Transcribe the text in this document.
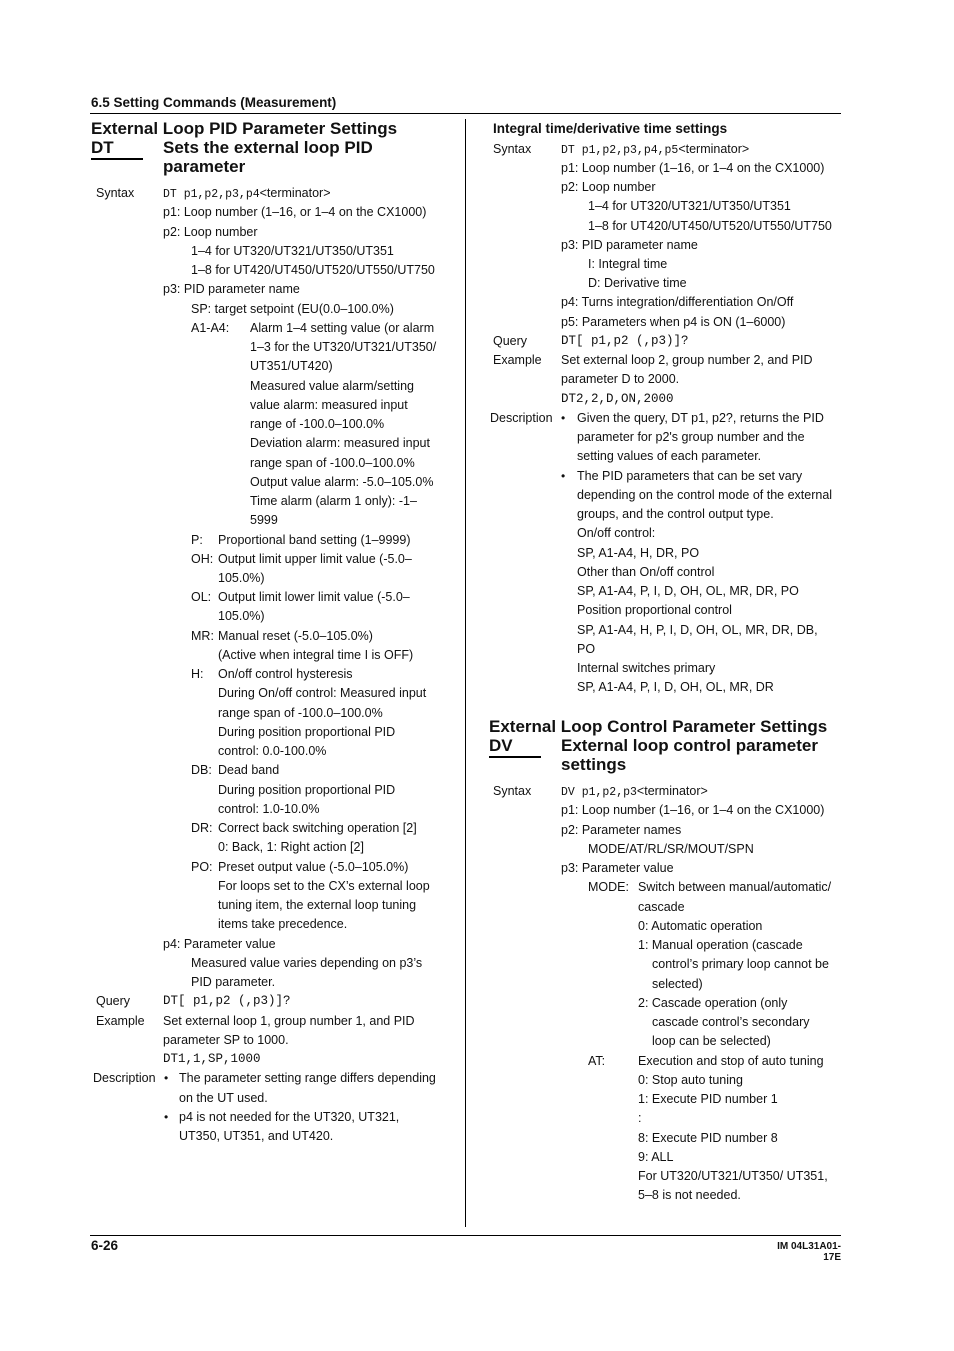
6.5 Setting Commands (Measurement)
6-26	IM 04L31A01-17E
External Loop PID Parameter Settings
DT	Sets the external loop PID
parameter
Syntax	DT p1,p2,p3,p4<terminator>
p1: Loop number (1–16, or 1–4 on the CX1000)
p2: Loop number
1–4 for UT320/UT321/UT350/UT351
1–8 for UT420/UT450/UT520/UT550/UT750
p3: PID parameter name
SP: target setpoint (EU(0.0–100.0%)
A1-A4: Alarm 1–4 setting value (or alarm
1–3 for the UT320/UT321/UT350/
UT351/UT420)
Measured value alarm/setting
value alarm: measured input
range of -100.0–100.0%
Deviation alarm: measured input
range span of -100.0–100.0%
Output value alarm: -5.0–105.0%
Time alarm (alarm 1 only): -1–
5999
P: Proportional band setting (1–9999)
OH: Output limit upper limit value (-5.0–
105.0%)
OL: Output limit lower limit value (-5.0–
105.0%)
MR: Manual reset (-5.0–105.0%)
(Active when integral time I is OFF)
H: On/off control hysteresis
During On/off control: Measured input
range span of -100.0–100.0%
During position proportional PID
control: 0.0-100.0%
DB: Dead band
During position proportional PID
control: 1.0-10.0%
DR: Correct back switching operation [2]
0: Back, 1: Right action [2]
PO: Preset output value (-5.0–105.0%)
For loops set to the CX’s external loop
tuning item, the external loop tuning
items take precedence.
p4: Parameter value
Measured value varies depending on p3’s
PID parameter.
Query	DT[ p1,p2 (,p3)]?
Example Set external loop 1, group number 1, and PID
parameter SP to 1000.
DT1,1,SP,1000
Description • The parameter setting range differs depending
on the UT used.
• p4 is not needed for the UT320, UT321,
UT350, UT351, and UT420.
Integral time/derivative time settings
Syntax	DT p1,p2,p3,p4,p5<terminator>
p1: Loop number (1–16, or 1–4 on the CX1000)
p2: Loop number
1–4 for UT320/UT321/UT350/UT351
1–8 for UT420/UT450/UT520/UT550/UT750
p3: PID parameter name
I: Integral time
D: Derivative time
p4: Turns integration/differentiation On/Off
p5: Parameters when p4 is ON (1–6000)
Query	DT[ p1,p2 (,p3)]?
Example Set external loop 2, group number 2, and PID
parameter D to 2000.
DT2,2,D,ON,2000
Description • Given the query, DT p1, p2?, returns the PID
parameter for p2's group number and the
setting values of each parameter.
• The PID parameters that can be set vary
depending on the control mode of the external
groups, and the control output type.
On/off control:
SP, A1-A4, H, DR, PO
Other than On/off control
SP, A1-A4, P, I, D, OH, OL, MR, DR, PO
Position proportional control
SP, A1-A4, H, P, I, D, OH, OL, MR, DR, DB,
PO
Internal switches primary
SP, A1-A4, P, I, D, OH, OL, MR, DR
External Loop Control Parameter Settings
DV	External loop control parameter
settings
Syntax	DV p1,p2,p3<terminator>
p1: Loop number (1–16, or 1–4 on the CX1000)
p2: Parameter names
MODE/AT/RL/SR/MOUT/SPN
p3: Parameter value
MODE: Switch between manual/automatic/
cascade
0: Automatic operation
1: Manual operation (cascade
control’s primary loop cannot be
selected)
2: Cascade operation (only
cascade control’s secondary
loop can be selected)
AT:	Execution and stop of auto tuning
0: Stop auto tuning
1: Execute PID number 1
:
8: Execute PID number 8
9: ALL
For UT320/UT321/UT350/ UT351,
5–8 is not needed.
